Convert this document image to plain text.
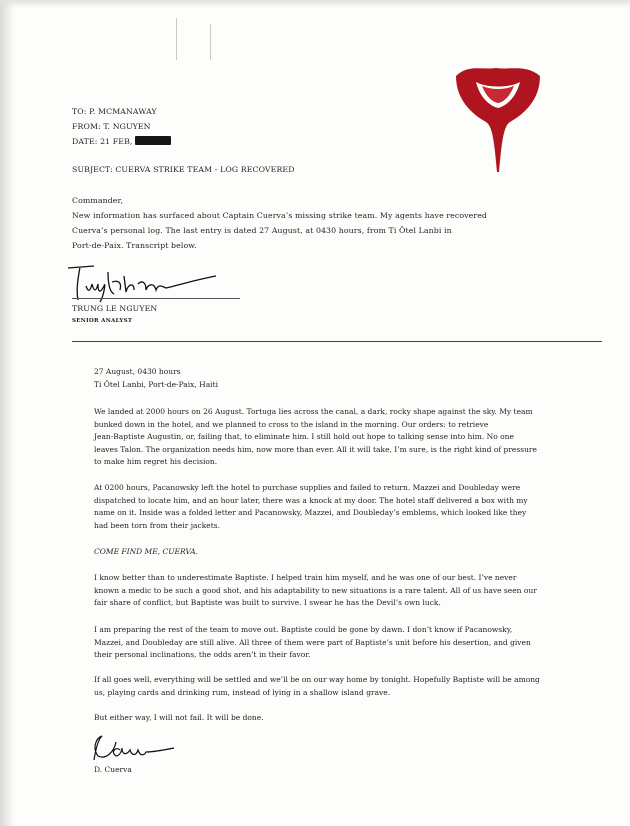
TO: P. MCMANAWAY
FROM: T. NGUYEN
DATE: 21 FEB,
SUBJECT: CUERVA STRIKE TEAM - LOG RECOVERED
Commander,
New information has surfaced about Captain Cuerva’s missing strike team. My agents have recovered
Cuerva’s personal log. The last entry is dated 27 August, at 0430 hours, from Ti Ôtel Lanbi in
Port-de-Paix. Transcript below.
TRUNG LE NGUYEN
SENIOR ANALYST

27 August, 0430 hours

Ti Ôtel Lanbi, Port-de-Paix, Haiti

We landed at 2000 hours on 26 August. Tortuga lies across the canal, a dark, rocky shape against the sky. My team

bunked down in the hotel, and we planned to cross to the island in the morning. Our orders: to retrieve

Jean-Baptiste Augustin, or, failing that, to eliminate him. I still hold out hope to talking sense into him. No one

leaves Talon. The organization needs him, now more than ever. All it will take, I’m sure, is the right kind of pressure

to make him regret his decision.

At 0200 hours, Pacanowsky left the hotel to purchase supplies and failed to return. Mazzei and Doubleday were

dispatched to locate him, and an hour later, there was a knock at my door. The hotel staff delivered a box with my

name on it. Inside was a folded letter and Pacanowsky, Mazzei, and Doubleday’s emblems, which looked like they

had been torn from their jackets.

COME FIND ME, CUERVA.

I know better than to underestimate Baptiste. I helped train him myself, and he was one of our best. I’ve never

known a medic to be such a good shot, and his adaptability to new situations is a rare talent. All of us have seen our

fair share of conflict, but Baptiste was built to survive. I swear he has the Devil’s own luck.

I am preparing the rest of the team to move out. Baptiste could be gone by dawn. I don’t know if Pacanowsky,

Mazzei, and Doubleday are still alive. All three of them were part of Baptiste’s unit before his desertion, and given

their personal inclinations, the odds aren’t in their favor.

If all goes well, everything will be settled and we’ll be on our way home by tonight. Hopefully Baptiste will be among

us, playing cards and drinking rum, instead of lying in a shallow island grave.

But either way, I will not fail. It will be done.
D. Cuerva
